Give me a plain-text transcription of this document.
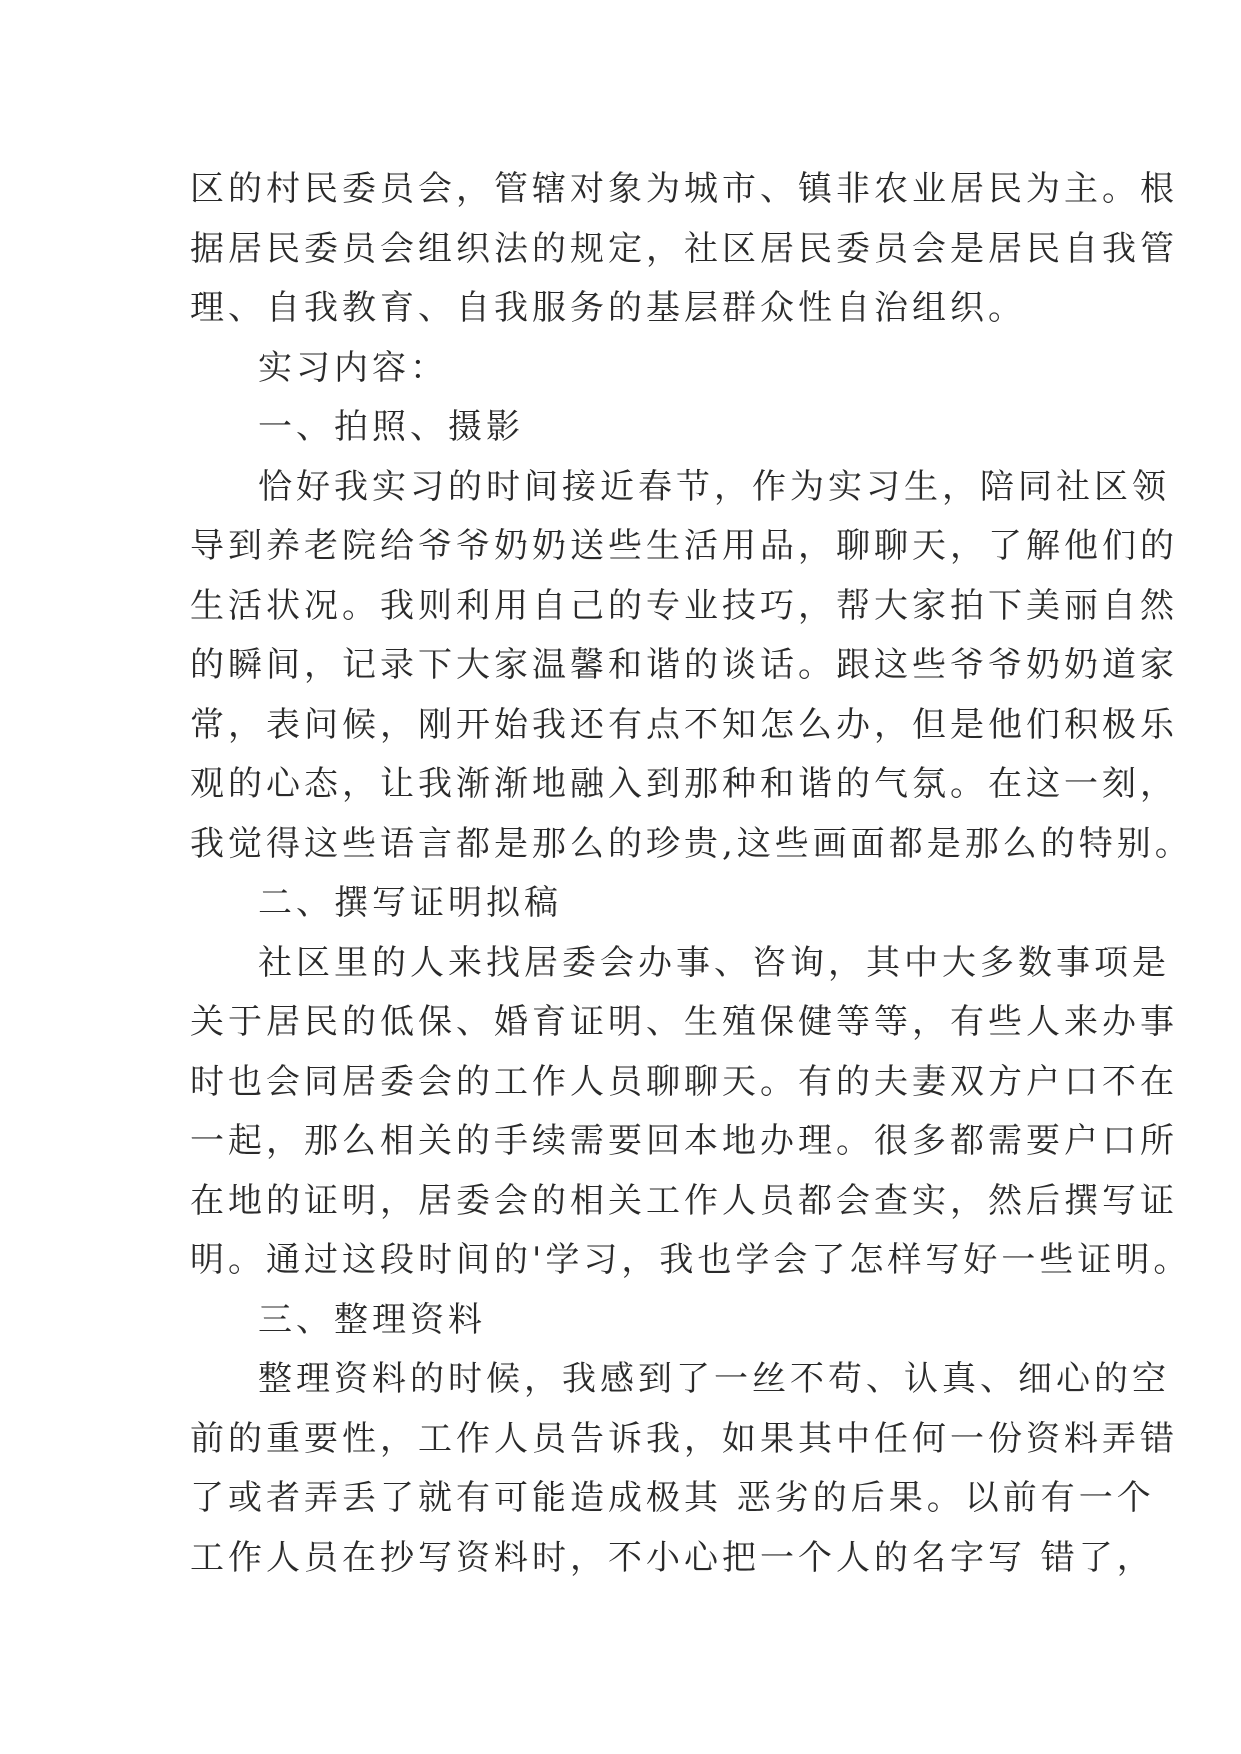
区的村民委员会，管辖对象为城市、镇非农业居民为主。根
据居民委员会组织法的规定，社区居民委员会是居民自我管
理、自我教育、自我服务的基层群众性自治组织。
实习内容：
一、拍照、摄影
恰好我实习的时间接近春节，作为实习生，陪同社区领
导到养老院给爷爷奶奶送些生活用品，聊聊天，了解他们的
生活状况。我则利用自己的专业技巧，帮大家拍下美丽自然
的瞬间，记录下大家温馨和谐的谈话。跟这些爷爷奶奶道家
常，表问候，刚开始我还有点不知怎么办，但是他们积极乐
观的心态，让我渐渐地融入到那种和谐的气氛。在这一刻，
我觉得这些语言都是那么的珍贵,这些画面都是那么的特别。
二、撰写证明拟稿
社区里的人来找居委会办事、咨询，其中大多数事项是
关于居民的低保、婚育证明、生殖保健等等，有些人来办事
时也会同居委会的工作人员聊聊天。有的夫妻双方户口不在
一起，那么相关的手续需要回本地办理。很多都需要户口所
在地的证明，居委会的相关工作人员都会查实，然后撰写证
明。通过这段时间的'学习，我也学会了怎样写好一些证明。
三、整理资料
整理资料的时候，我感到了一丝不苟、认真、细心的空
前的重要性，工作人员告诉我，如果其中任何一份资料弄错
了或者弄丢了就有可能造成极其 恶劣的后果。以前有一个
工作人员在抄写资料时，不小心把一个人的名字写 错了，
